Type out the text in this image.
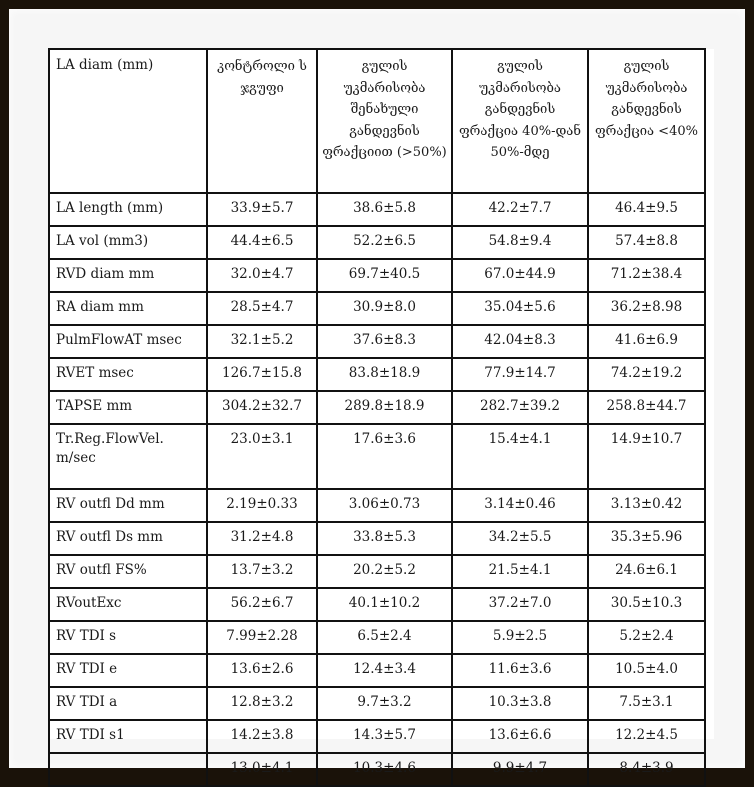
LA diam (mm)	კონტროლი ს ჯგუფი	გულის უკმარისობა შენახული განდევნის ფრაქციით (>50%)	გულის უკმარისობა განდევნის ფრაქცია 40%-დან 50%-მდე	გულის უკმარისობა განდევნის ფრაქცია <40%
LA length (mm)	33.9±5.7	38.6±5.8	42.2±7.7	46.4±9.5
LA vol (mm3)	44.4±6.5	52.2±6.5	54.8±9.4	57.4±8.8
RVD diam mm	32.0±4.7	69.7±40.5	67.0±44.9	71.2±38.4
RA diam mm	28.5±4.7	30.9±8.0	35.04±5.6	36.2±8.98
PulmFlowAT msec	32.1±5.2	37.6±8.3	42.04±8.3	41.6±6.9
RVET msec	126.7±15.8	83.8±18.9	77.9±14.7	74.2±19.2
TAPSE mm	304.2±32.7	289.8±18.9	282.7±39.2	258.8±44.7
Tr.Reg.FlowVel. m/sec	23.0±3.1	17.6±3.6	15.4±4.1	14.9±10.7
RV outfl Dd mm	2.19±0.33	3.06±0.73	3.14±0.46	3.13±0.42
RV outfl Ds mm	31.2±4.8	33.8±5.3	34.2±5.5	35.3±5.96
RV outfl FS%	13.7±3.2	20.2±5.2	21.5±4.1	24.6±6.1
RVoutExc	56.2±6.7	40.1±10.2	37.2±7.0	30.5±10.3
RV TDI s	7.99±2.28	6.5±2.4	5.9±2.5	5.2±2.4
RV TDI e	13.6±2.6	12.4±3.4	11.6±3.6	10.5±4.0
RV TDI a	12.8±3.2	9.7±3.2	10.3±3.8	7.5±3.1
RV TDI s1	14.2±3.8	14.3±5.7	13.6±6.6	12.2±4.5
	13.0±4.1	10.3±4.6	9.9±4.7	8.4±3.9
